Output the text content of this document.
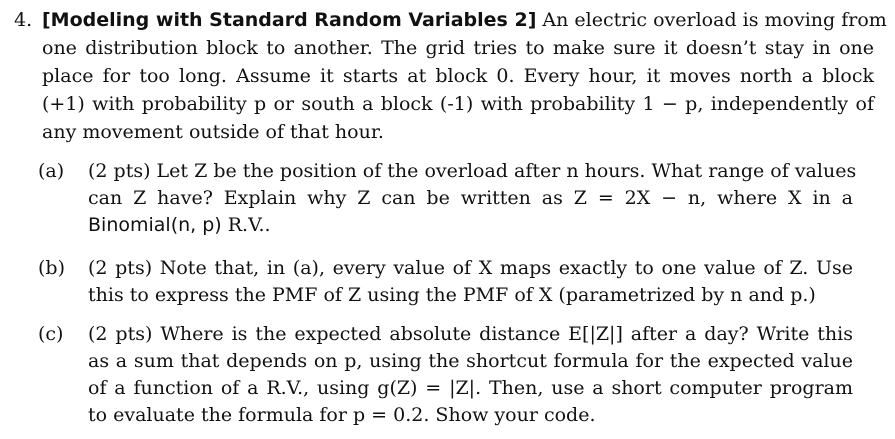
4. [Modeling with Standard Random Variables 2] An electric overload is moving from
one distribution block to another. The grid tries to make sure it doesn’t stay in one
place for too long. Assume it starts at block 0. Every hour, it moves north a block
(+1) with probability p or south a block (-1) with probability 1 − p, independently of
any movement outside of that hour.
(a) (2 pts) Let Z be the position of the overload after n hours. What range of values
can Z have? Explain why Z can be written as Z = 2X − n, where X in a
Binomial(n, p) R.V..
(b) (2 pts) Note that, in (a), every value of X maps exactly to one value of Z. Use
this to express the PMF of Z using the PMF of X (parametrized by n and p.)
(c) (2 pts) Where is the expected absolute distance E[|Z|] after a day? Write this
as a sum that depends on p, using the shortcut formula for the expected value
of a function of a R.V., using g(Z) = |Z|. Then, use a short computer program
to evaluate the formula for p = 0.2. Show your code.
